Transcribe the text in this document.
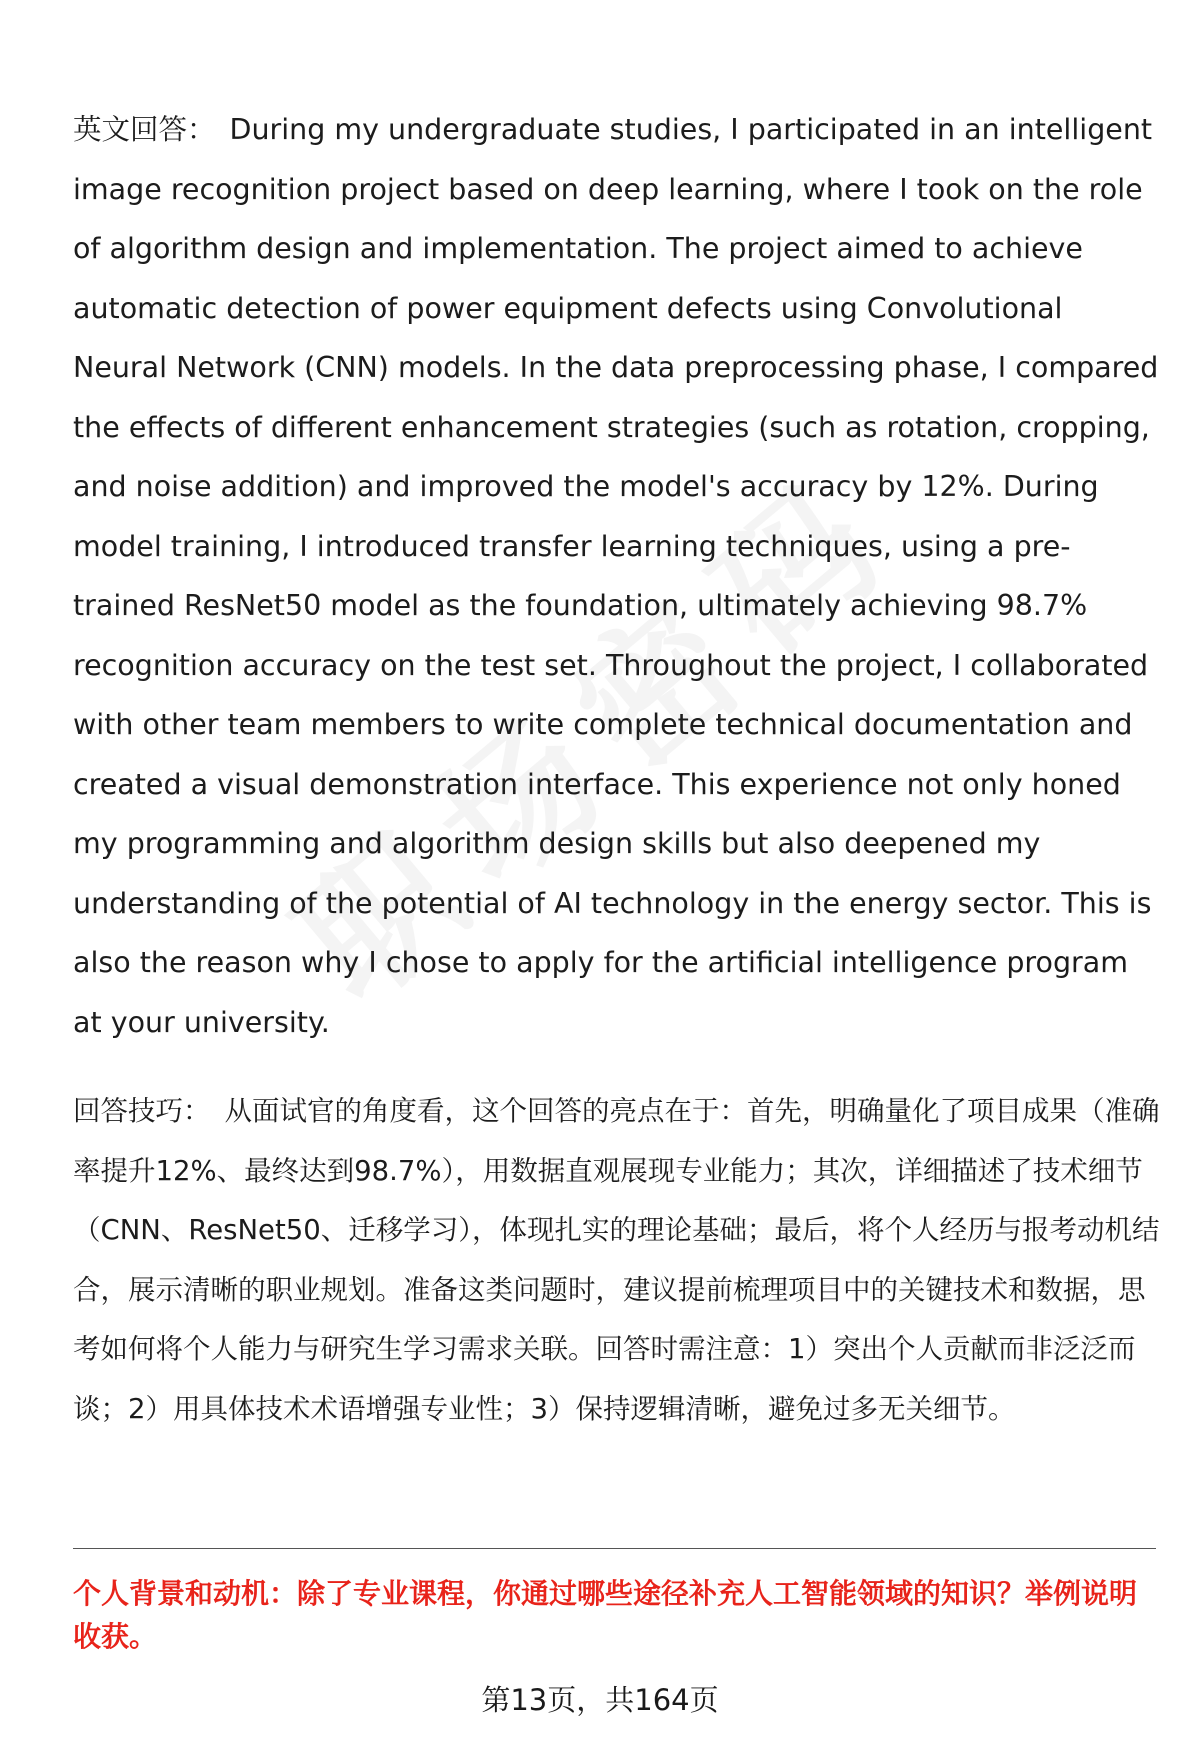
英文回答： During my undergraduate studies, I participated in an intelligent image recognition project based on deep learning, where I took on the role of algorithm design and implementation. The project aimed to achieve automatic detection of power equipment defects using Convolutional Neural Network (CNN) models. In the data preprocessing phase, I compared the effects of different enhancement strategies (such as rotation, cropping, and noise addition) and improved the model's accuracy by 12%. During model training, I introduced transfer learning techniques, using a pre-trained ResNet50 model as the foundation, ultimately achieving 98.7% recognition accuracy on the test set. Throughout the project, I collaborated with other team members to write complete technical documentation and created a visual demonstration interface. This experience not only honed my programming and algorithm design skills but also deepened my understanding of the potential of AI technology in the energy sector. This is also the reason why I chose to apply for the artificial intelligence program at your university.

回答技巧： 从面试官的角度看，这个回答的亮点在于：首先，明确量化了项目成果（准确率提升12%、最终达到98.7%），用数据直观展现专业能力；其次，详细描述了技术细节（CNN、ResNet50、迁移学习），体现扎实的理论基础；最后，将个人经历与报考动机结合，展示清晰的职业规划。准备这类问题时，建议提前梳理项目中的关键技术和数据，思考如何将个人能力与研究生学习需求关联。回答时需注意：1）突出个人贡献而非泛泛而谈；2）用具体技术术语增强专业性；3）保持逻辑清晰，避免过多无关细节。

个人背景和动机：除了专业课程，你通过哪些途径补充人工智能领域的知识？举例说明收获。
第13页，共164页
